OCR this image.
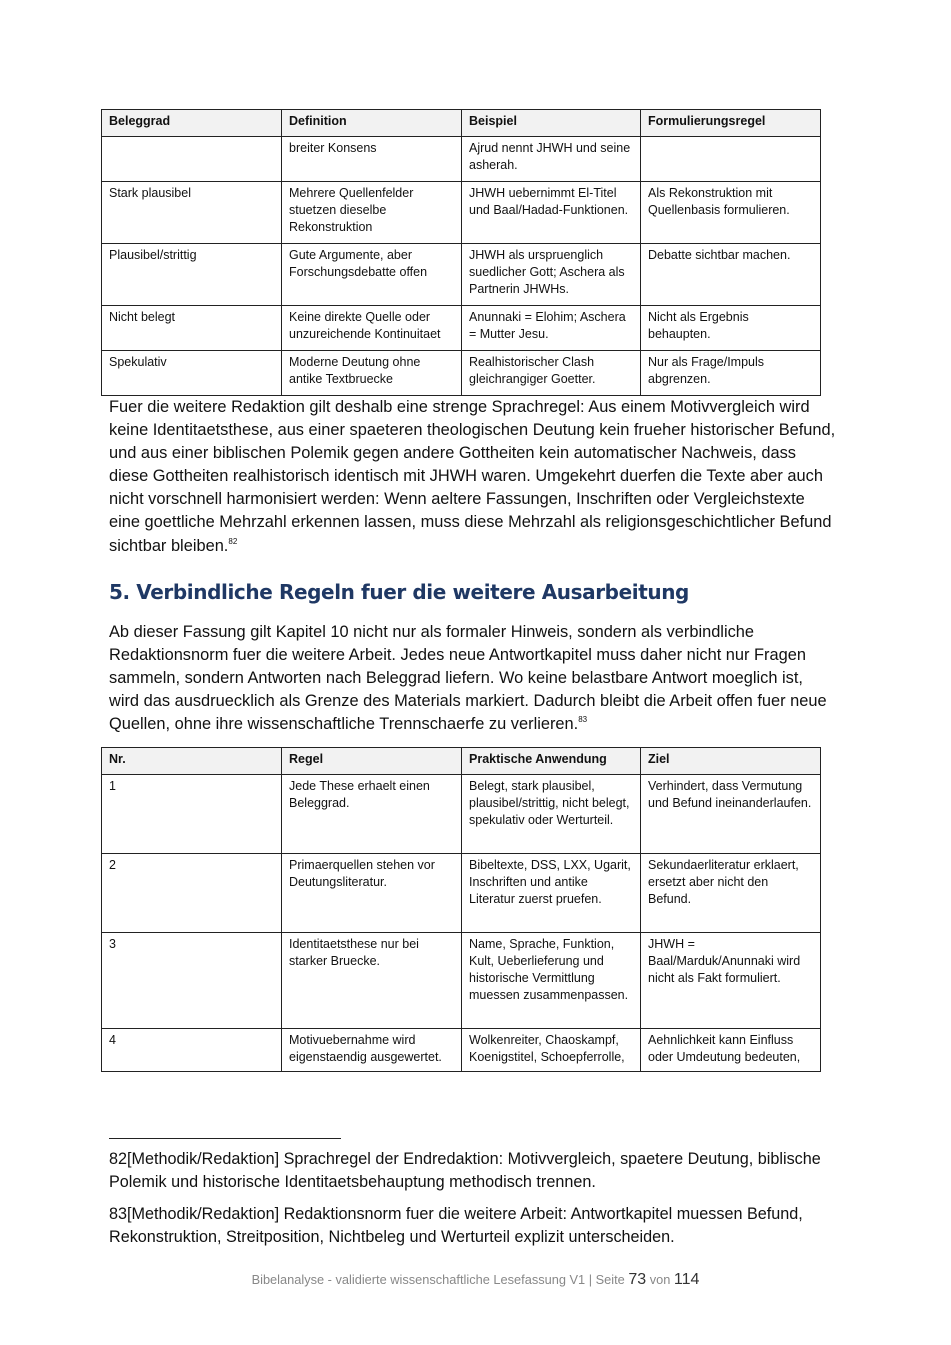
Beleggrad	Definition	Beispiel	Formulierungsregel
	breiter Konsens	Ajrud nennt JHWH und seine asherah.	
Stark plausibel	Mehrere Quellenfelder stuetzen dieselbe Rekonstruktion	JHWH uebernimmt El-Titel und Baal/Hadad-Funktionen.	Als Rekonstruktion mit Quellenbasis formulieren.
Plausibel/strittig	Gute Argumente, aber Forschungsdebatte offen	JHWH als urspruenglich suedlicher Gott; Aschera als Partnerin JHWHs.	Debatte sichtbar machen.
Nicht belegt	Keine direkte Quelle oder unzureichende Kontinuitaet	Anunnaki = Elohim; Aschera = Mutter Jesu.	Nicht als Ergebnis behaupten.
Spekulativ	Moderne Deutung ohne antike Textbruecke	Realhistorischer Clash gleichrangiger Goetter.	Nur als Frage/Impuls abgrenzen.

Fuer die weitere Redaktion gilt deshalb eine strenge Sprachregel: Aus einem Motivvergleich wird keine Identitaetsthese, aus einer spaeteren theologischen Deutung kein frueher historischer Befund, und aus einer biblischen Polemik gegen andere Gottheiten kein automatischer Nachweis, dass diese Gottheiten realhistorisch identisch mit JHWH waren. Umgekehrt duerfen die Texte aber auch nicht vorschnell harmonisiert werden: Wenn aeltere Fassungen, Inschriften oder Vergleichstexte eine goettliche Mehrzahl erkennen lassen, muss diese Mehrzahl als religionsgeschichtlicher Befund sichtbar bleiben.$^{82}$

5. Verbindliche Regeln fuer die weitere Ausarbeitung

Ab dieser Fassung gilt Kapitel 10 nicht nur als formaler Hinweis, sondern als verbindliche Redaktionsnorm fuer die weitere Arbeit. Jedes neue Antwortkapitel muss daher nicht nur Fragen sammeln, sondern Antworten nach Beleggrad liefern. Wo keine belastbare Antwort moeglich ist, wird das ausdruecklich als Grenze des Materials markiert. Dadurch bleibt die Arbeit offen fuer neue Quellen, ohne ihre wissenschaftliche Trennschaerfe zu verlieren.$^{83}$

Nr.	Regel	Praktische Anwendung	Ziel
1	Jede These erhaelt einen Beleggrad.	Belegt, stark plausibel, plausibel/strittig, nicht belegt, spekulativ oder Werturteil.	Verhindert, dass Vermutung und Befund ineinanderlaufen.
2	Primaerquellen stehen vor Deutungsliteratur.	Bibeltexte, DSS, LXX, Ugarit, Inschriften und antike Literatur zuerst pruefen.	Sekundaerliteratur erklaert, ersetzt aber nicht den Befund.
3	Identitaetsthese nur bei starker Bruecke.	Name, Sprache, Funktion, Kult, Ueberlieferung und historische Vermittlung muessen zusammenpassen.	JHWH = Baal/Marduk/Anunnaki wird nicht als Fakt formuliert.
4	Motivuebernahme wird eigenstaendig ausgewertet.	Wolkenreiter, Chaoskampf, Koenigstitel, Schoepferrolle,	Aehnlichkeit kann Einfluss oder Umdeutung bedeuten,

82[Methodik/Redaktion] Sprachregel der Endredaktion: Motivvergleich, spaetere Deutung, biblische Polemik und historische Identitaetsbehauptung methodisch trennen.

83[Methodik/Redaktion] Redaktionsnorm fuer die weitere Arbeit: Antwortkapitel muessen Befund, Rekonstruktion, Streitposition, Nichtbeleg und Werturteil explizit unterscheiden.

Bibelanalyse - validierte wissenschaftliche Lesefassung V1 | Seite 73 von 114
